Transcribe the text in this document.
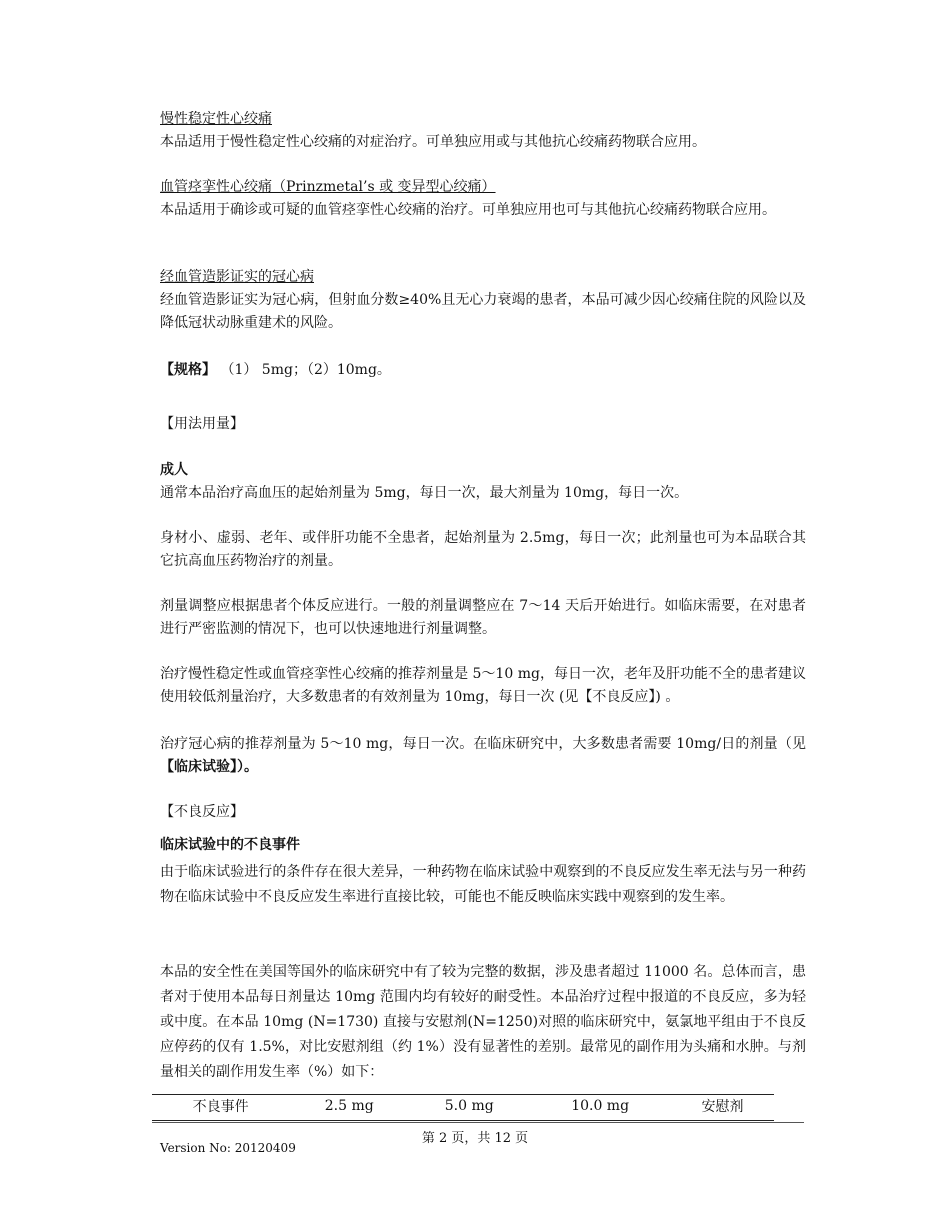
慢性稳定性心绞痛

本品适用于慢性稳定性心绞痛的对症治疗。可单独应用或与其他抗心绞痛药物联合应用。
血管痉挛性心绞痛（Prinzmetal’s 或 变异型心绞痛）

本品适用于确诊或可疑的血管痉挛性心绞痛的治疗。可单独应用也可与其他抗心绞痛药物联合应用。
经血管造影证实的冠心病

经血管造影证实为冠心病，但射血分数≥40%且无心力衰竭的患者，本品可减少因心绞痛住院的风险以及降低冠状动脉重建术的风险。
【规格】 （1） 5mg；（2）10mg。
【用法用量】
成人
通常本品治疗高血压的起始剂量为 5mg，每日一次，最大剂量为 10mg，每日一次。
身材小、虚弱、老年、或伴肝功能不全患者，起始剂量为 2.5mg，每日一次；此剂量也可为本品联合其它抗高血压药物治疗的剂量。
剂量调整应根据患者个体反应进行。一般的剂量调整应在 7～14 天后开始进行。如临床需要，在对患者进行严密监测的情况下，也可以快速地进行剂量调整。
治疗慢性稳定性或血管痉挛性心绞痛的推荐剂量是 5～10 mg，每日一次，老年及肝功能不全的患者建议使用较低剂量治疗，大多数患者的有效剂量为 10mg，每日一次 (见【不良反应】) 。
治疗冠心病的推荐剂量为 5～10 mg，每日一次。在临床研究中，大多数患者需要 10mg/日的剂量（见【临床试验】）。
【不良反应】
临床试验中的不良事件
由于临床试验进行的条件存在很大差异，一种药物在临床试验中观察到的不良反应发生率无法与另一种药物在临床试验中不良反应发生率进行直接比较，可能也不能反映临床实践中观察到的发生率。
本品的安全性在美国等国外的临床研究中有了较为完整的数据，涉及患者超过 11000 名。总体而言，患者对于使用本品每日剂量达 10mg 范围内均有较好的耐受性。本品治疗过程中报道的不良反应，多为轻或中度。在本品 10mg (N=1730) 直接与安慰剂(N=1250)对照的临床研究中，氨氯地平组由于不良反应停药的仅有 1.5%，对比安慰剂组（约 1%）没有显著性的差别。最常见的副作用为头痛和水肿。与剂量相关的副作用发生率（%）如下：
不良事件	2.5 mg	5.0 mg	10.0 mg	安慰剂
第 2 页，共 12 页
Version No: 20120409
